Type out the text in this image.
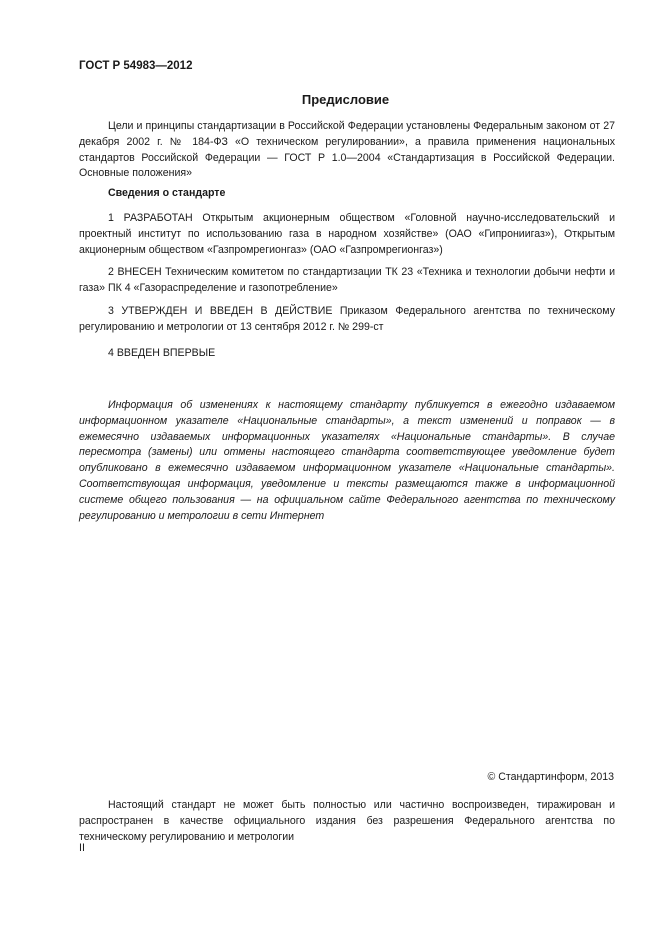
ГОСТ Р 54983—2012
Предисловие
Цели и принципы стандартизации в Российской Федерации установлены Федеральным законом от 27 декабря 2002 г. № 184-ФЗ «О техническом регулировании», а правила применения национальных стандартов Российской Федерации — ГОСТ Р 1.0—2004 «Стандартизация в Российской Федерации. Основные положения»
Сведения о стандарте
1 РАЗРАБОТАН Открытым акционерным обществом «Головной научно-исследовательский и проектный институт по использованию газа в народном хозяйстве» (ОАО «Гипрониигаз»), Открытым акционерным обществом «Газпромрегионгаз» (ОАО «Газпромрегионгаз»)
2 ВНЕСЕН Техническим комитетом по стандартизации ТК 23 «Техника и технологии добычи нефти и газа» ПК 4 «Газораспределение и газопотребление»
3 УТВЕРЖДЕН И ВВЕДЕН В ДЕЙСТВИЕ Приказом Федерального агентства по техническому регулированию и метрологии от 13 сентября 2012 г. № 299-ст
4 ВВЕДЕН ВПЕРВЫЕ
Информация об изменениях к настоящему стандарту публикуется в ежегодно издаваемом информационном указателе «Национальные стандарты», а текст изменений и поправок — в ежемесячно издаваемых информационных указателях «Национальные стандарты». В случае пересмотра (замены) или отмены настоящего стандарта соответствующее уведомление будет опубликовано в ежемесячно издаваемом информационном указателе «Национальные стандарты». Соответствующая информация, уведомление и тексты размещаются также в информационной системе общего пользования — на официальном сайте Федерального агентства по техническому регулированию и метрологии в сети Интернет
© Стандартинформ, 2013
Настоящий стандарт не может быть полностью или частично воспроизведен, тиражирован и распространен в качестве официального издания без разрешения Федерального агентства по техническому регулированию и метрологии
II
